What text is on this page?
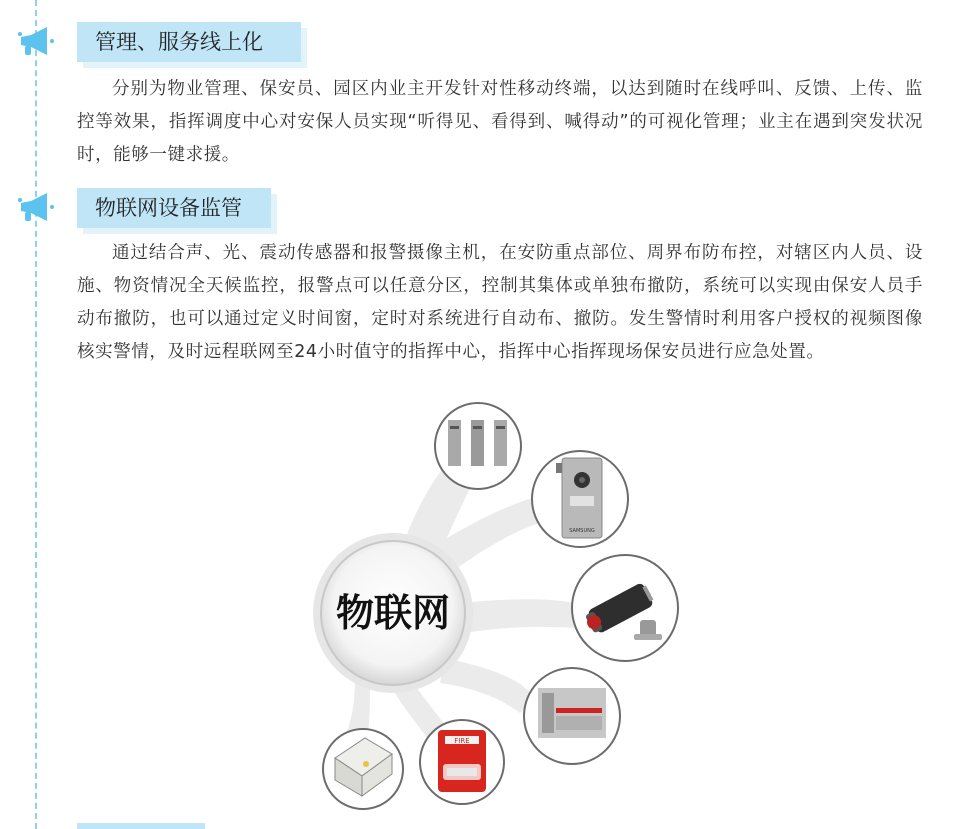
管理、服务线上化
分别为物业管理、保安员、园区内业主开发针对性移动终端，以达到随时在线呼叫、反馈、上传、监控等效果，指挥调度中心对安保人员实现“听得见、看得到、喊得动”的可视化管理；业主在遇到突发状况时，能够一键求援。
物联网设备监管
通过结合声、光、震动传感器和报警摄像主机，在安防重点部位、周界布防布控，对辖区内人员、设施、物资情况全天候监控，报警点可以任意分区，控制其集体或单独布撤防，系统可以实现由保安人员手动布撤防，也可以通过定义时间窗，定时对系统进行自动布、撤防。发生警情时利用客户授权的视频图像核实警情，及时远程联网至24小时值守的指挥中心，指挥中心指挥现场保安员进行应急处置。
物联网
SAMSUNG
FIRE
